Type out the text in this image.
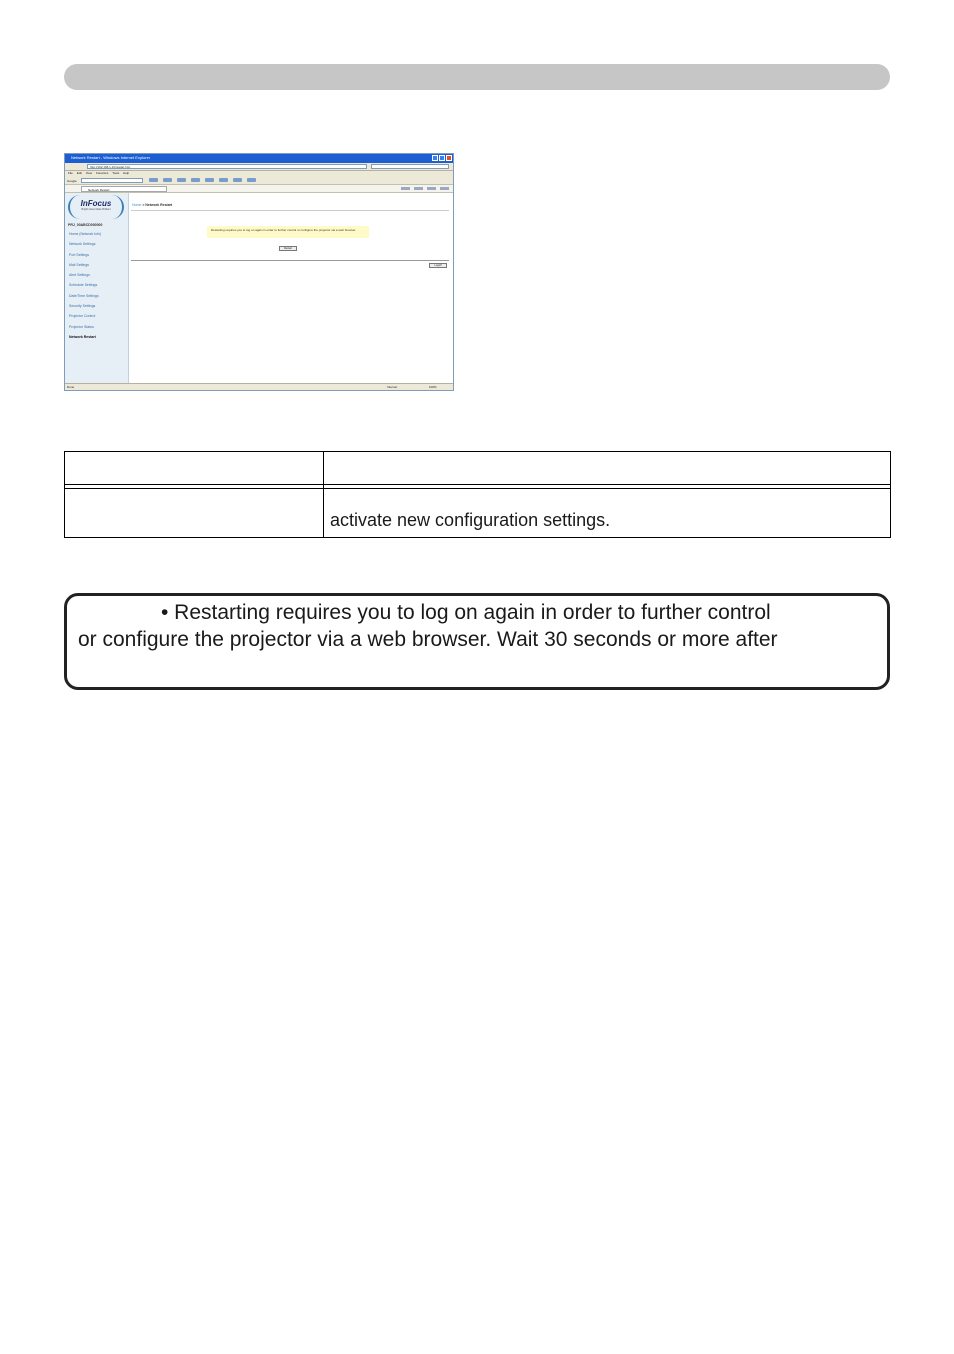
Network Restart - Windows Internet Explorer
http://192.168.1.10/restart.htm
File Edit View Favorites Tools Help
Google
Network Restart
InFocus
Bright Ideas Made Brilliant
PRJ_00ABCD000000
Home (Network Info)
Network Settings
Port Settings
Mail Settings
Alert Settings
Schedule Settings
Date/Time Settings
Security Settings
Projector Control
Projector Status
Network Restart
Home > Network Restart
Restarting requires you to log on again in order to further control or configure the projector via a web browser.
Restart
Logoff
Done	Internet	100%

	activate new configuration settings.
• Restarting requires you to log on again in order to further control
or configure the projector via a web browser. Wait 30 seconds or more after
